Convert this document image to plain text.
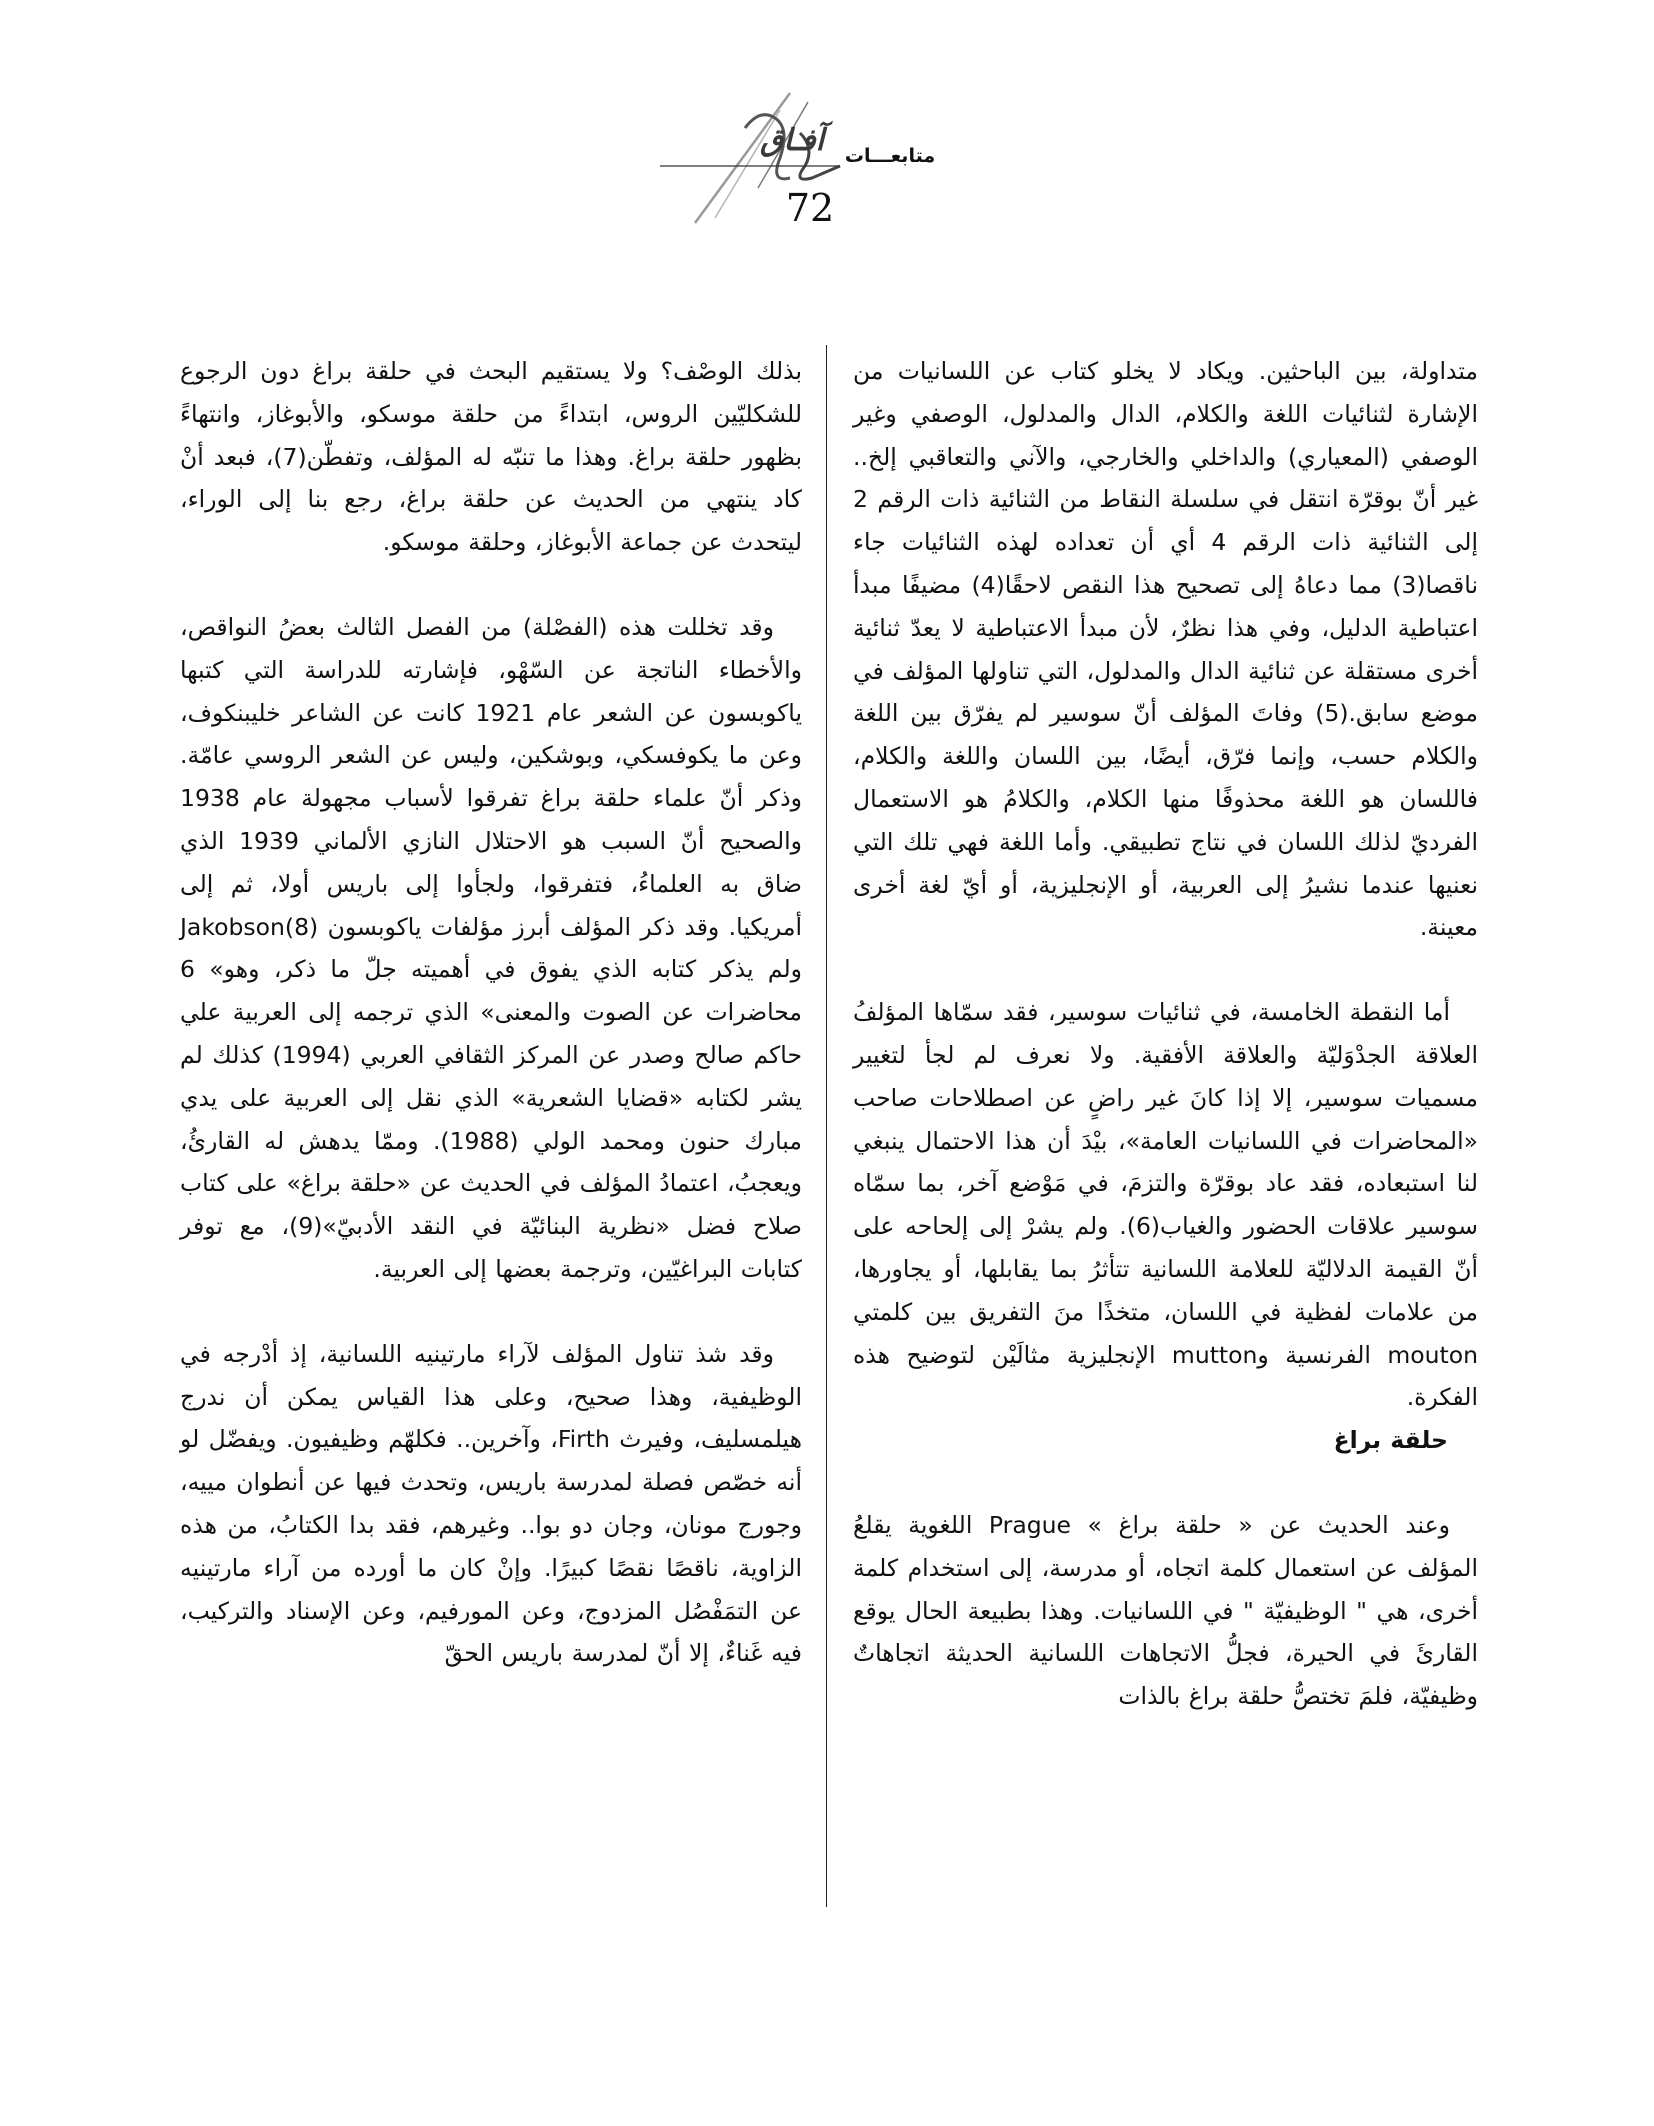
آفـاق	متابعـــات
72

متداولة، بين الباحثين. ويكاد لا يخلو كتاب عن اللسانيات من الإشارة لثنائيات اللغة والكلام، الدال والمدلول، الوصفي وغير الوصفي (المعياري) والداخلي والخارجي، والآني والتعاقبي إلخ.. غير أنّ بوقرّة انتقل في سلسلة النقاط من الثنائية ذات الرقم 2 إلى الثنائية ذات الرقم 4 أي أن تعداده لهذه الثنائيات جاء ناقصا(3) مما دعاهُ إلى تصحيح هذا النقص لاحقًا(4) مضيفًا مبدأ اعتباطية الدليل، وفي هذا نظرٌ، لأن مبدأ الاعتباطية لا يعدّ ثنائية أخرى مستقلة عن ثنائية الدال والمدلول، التي تناولها المؤلف في موضع سابق.(5) وفاتَ المؤلف أنّ سوسير لم يفرّق بين اللغة والكلام حسب، وإنما فرّق، أيضًا، بين اللسان واللغة والكلام، فاللسان هو اللغة محذوفًا منها الكلام، والكلامُ هو الاستعمال الفرديّ لذلك اللسان في نتاج تطبيقي. وأما اللغة فهي تلك التي نعنيها عندما نشيرُ إلى العربية، أو الإنجليزية، أو أيّ لغة أخرى معينة.

أما النقطة الخامسة، في ثنائيات سوسير، فقد سمّاها المؤلفُ العلاقة الجدْوَليّة والعلاقة الأفقية. ولا نعرف لم لجأ لتغيير مسميات سوسير، إلا إذا كانَ غير راضٍ عن اصطلاحات صاحب «المحاضرات في اللسانيات العامة»، بيْدَ أن هذا الاحتمال ينبغي لنا استبعاده، فقد عاد بوقرّة والتزمَ، في مَوْضع آخر، بما سمّاه سوسير علاقات الحضور والغياب(6). ولم يشرْ إلى إلحاحه على أنّ القيمة الدلاليّة للعلامة اللسانية تتأثرُ بما يقابلها، أو يجاورها، من علامات لفظية في اللسان، متخذًا منَ التفريق بين كلمتي mouton الفرنسية وmutton الإنجليزية مثالَيْن لتوضيح هذه الفكرة.

حلقة براغ

وعند الحديث عن « حلقة براغ » Prague اللغوية يقلعُ المؤلف عن استعمال كلمة اتجاه، أو مدرسة، إلى استخدام كلمة أخرى، هي " الوظيفيّة " في اللسانيات. وهذا بطبيعة الحال يوقع القارئَ في الحيرة، فجلُّ الاتجاهات اللسانية الحديثة اتجاهاتٌ وظيفيّة، فلمَ تختصُّ حلقة براغ بالذات

بذلك الوصْف؟ ولا يستقيم البحث في حلقة براغ دون الرجوع للشكليّين الروس، ابتداءً من حلقة موسكو، والأبوغاز، وانتهاءً بظهور حلقة براغ. وهذا ما تنبّه له المؤلف، وتفطّن(7)، فبعد أنْ كاد ينتهي من الحديث عن حلقة براغ، رجع بنا إلى الوراء، ليتحدث عن جماعة الأبوغاز، وحلقة موسكو.

وقد تخللت هذه (الفصْلة) من الفصل الثالث بعضُ النواقص، والأخطاء الناتجة عن السّهْو، فإشارته للدراسة التي كتبها ياكوبسون عن الشعر عام 1921 كانت عن الشاعر خليبنكوف، وعن ما يكوفسكي، وبوشكين، وليس عن الشعر الروسي عامّة. وذكر أنّ علماء حلقة براغ تفرقوا لأسباب مجهولة عام 1938 والصحيح أنّ السبب هو الاحتلال النازي الألماني 1939 الذي ضاق به العلماءُ، فتفرقوا، ولجأوا إلى باريس أولا، ثم إلى أمريكيا. وقد ذكر المؤلف أبرز مؤلفات ياكوبسون Jakobson(8) ولم يذكر كتابه الذي يفوق في أهميته جلّ ما ذكر، وهو» 6 محاضرات عن الصوت والمعنى» الذي ترجمه إلى العربية علي حاكم صالح وصدر عن المركز الثقافي العربي (1994) كذلك لم يشر لكتابه «قضايا الشعرية» الذي نقل إلى العربية على يدي مبارك حنون ومحمد الولي (1988). وممّا يدهش له القارئُ، ويعجبُ، اعتمادُ المؤلف في الحديث عن «حلقة براغ» على كتاب صلاح فضل «نظرية البنائيّة في النقد الأدبيّ»(9)، مع توفر كتابات البراغيّين، وترجمة بعضها إلى العربية.

وقد شذ تناول المؤلف لآراء مارتينيه اللسانية، إذ أدْرجه في الوظيفية، وهذا صحيح، وعلى هذا القياس يمكن أن ندرج هيلمسليف، وفيرث Firth، وآخرين.. فكلهّم وظيفيون. ويفضّل لو أنه خصّص فصلة لمدرسة باريس، وتحدث فيها عن أنطوان مييه، وجورج مونان، وجان دو بوا.. وغيرهم، فقد بدا الكتابُ، من هذه الزاوية، ناقصًا نقصًا كبيرًا. وإنْ كان ما أورده من آراء مارتينيه عن التمَفْصُل المزدوج، وعن المورفيم، وعن الإسناد والتركيب، فيه غَناءٌ، إلا أنّ لمدرسة باريس الحقّ
